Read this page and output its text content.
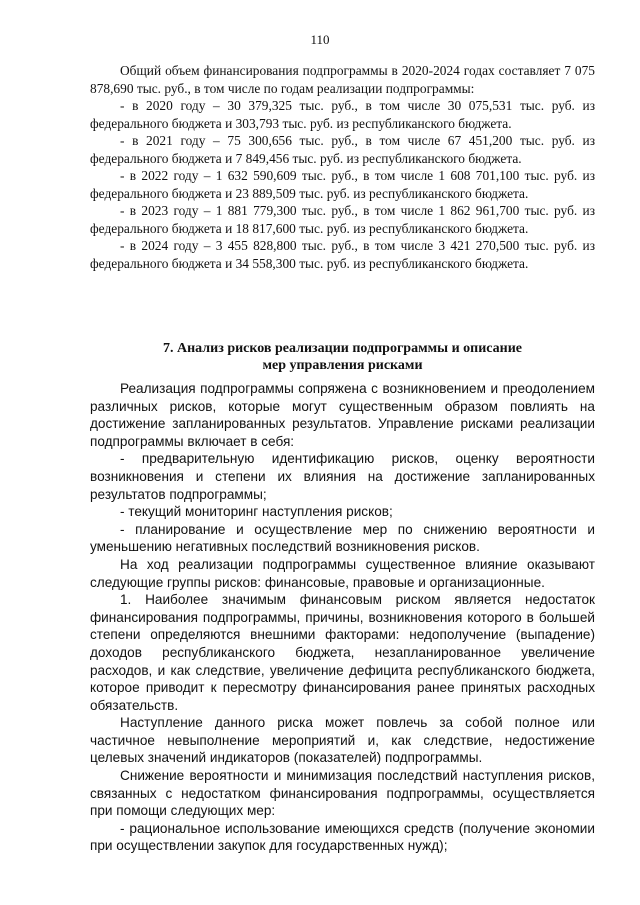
110

Общий объем финансирования подпрограммы в 2020-2024 годах составляет 7 075 878,690 тыс. руб., в том числе по годам реализации подпрограммы:

- в 2020 году – 30 379,325 тыс. руб., в том числе 30 075,531 тыс. руб. из федерального бюджета и 303,793 тыс. руб. из республиканского бюджета.

- в 2021 году – 75 300,656 тыс. руб., в том числе 67 451,200 тыс. руб. из федерального бюджета и 7 849,456 тыс. руб. из республиканского бюджета.

- в 2022 году – 1 632 590,609 тыс. руб., в том числе 1 608 701,100 тыс. руб. из федерального бюджета и 23 889,509 тыс. руб. из республиканского бюджета.

- в 2023 году – 1 881 779,300 тыс. руб., в том числе 1 862 961,700 тыс. руб. из федерального бюджета и 18 817,600 тыс. руб. из республиканского бюджета.

- в 2024 году – 3 455 828,800 тыс. руб., в том числе 3 421 270,500 тыс. руб. из федерального бюджета и 34 558,300 тыс. руб. из республиканского бюджета.

7. Анализ рисков реализации подпрограммы и описание
мер управления рисками

Реализация подпрограммы сопряжена с возникновением и преодолением различных рисков, которые могут существенным образом повлиять на достижение запланированных результатов. Управление рисками реализации подпрограммы включает в себя:

- предварительную идентификацию рисков, оценку вероятности возникновения и степени их влияния на достижение запланированных результатов подпрограммы;

- текущий мониторинг наступления рисков;

- планирование и осуществление мер по снижению вероятности и уменьшению негативных последствий возникновения рисков.

На ход реализации подпрограммы существенное влияние оказывают следующие группы рисков: финансовые, правовые и организационные.

1. Наиболее значимым финансовым риском является недостаток финансирования подпрограммы, причины, возникновения которого в большей степени определяются внешними факторами: недополучение (выпадение) доходов республиканского бюджета, незапланированное увеличение расходов, и как следствие, увеличение дефицита республиканского бюджета, которое приводит к пересмотру финансирования ранее принятых расходных обязательств.

Наступление данного риска может повлечь за собой полное или частичное невыполнение мероприятий и, как следствие, недостижение целевых значений индикаторов (показателей) подпрограммы.

Снижение вероятности и минимизация последствий наступления рисков, связанных с недостатком финансирования подпрограммы, осуществляется при помощи следующих мер:

- рациональное использование имеющихся средств (получение экономии при осуществлении закупок для государственных нужд);
